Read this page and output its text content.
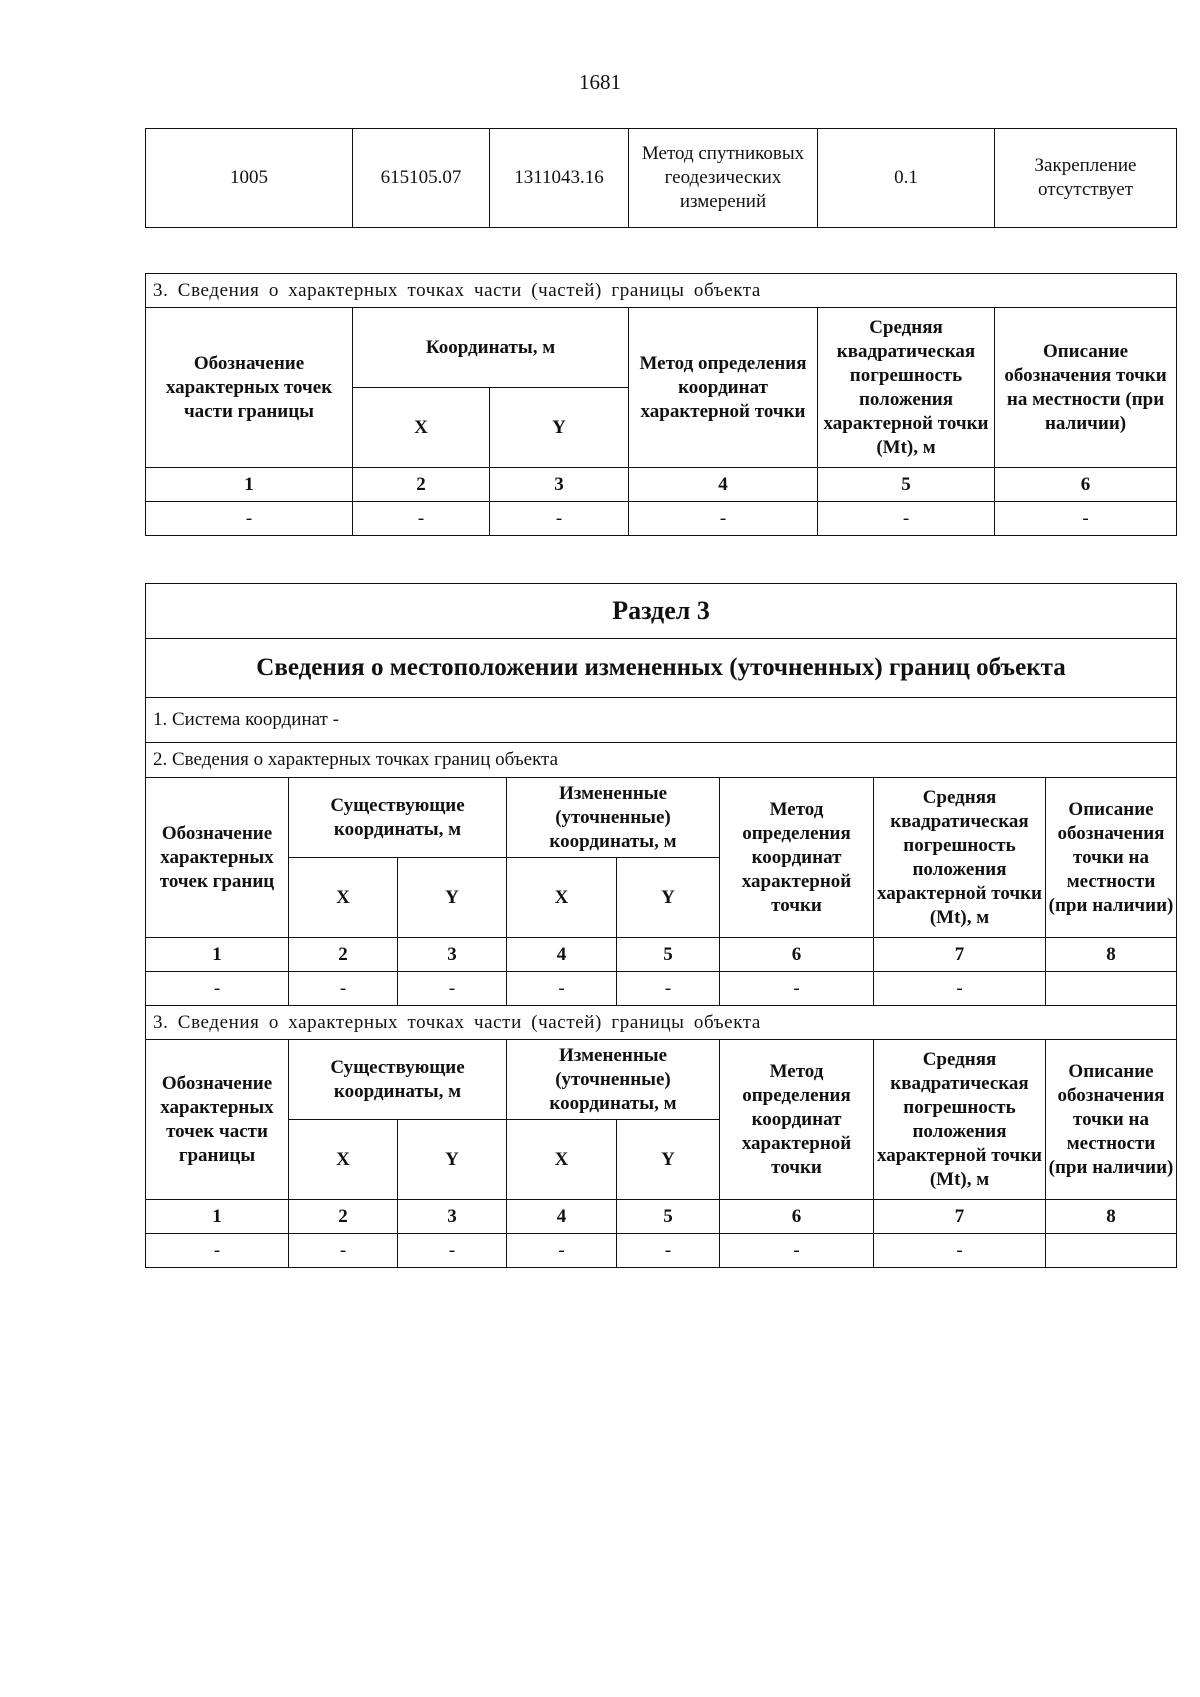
1681
1005	615105.07	1311043.16	Метод спутниковых геодезических измерений	0.1	Закрепление отсутствует
3. Сведения о характерных точках части (частей) границы объекта					
Обозначение характерных точек части границы	Координаты, м		Метод определения координат характерной точки	Средняя квадратическая погрешность положения характерной точки (Mt), м	Описание обозначения точки на местности (при наличии)
	X	Y			
1	2	3	4	5	6
-	-	-	-	-	-
Раздел 3							
Сведения о местоположении измененных (уточненных) границ объекта							
1. Система координат -							
2. Сведения о характерных точках границ объекта							
Обозначение характерных точек границ	Существующие координаты, м		Измененные (уточненные) координаты, м		Метод определения координат характерной точки	Средняя квадратическая погрешность положения характерной точки (Mt), м	Описание обозначения точки на местности (при наличии)
	X	Y	X	Y			
1	2	3	4	5	6	7	8
-	-	-	-	-	-	-	
3. Сведения о характерных точках части (частей) границы объекта							
Обозначение характерных точек части границы	Существующие координаты, м		Измененные (уточненные) координаты, м		Метод определения координат характерной точки	Средняя квадратическая погрешность положения характерной точки (Mt), м	Описание обозначения точки на местности (при наличии)
	X	Y	X	Y			
1	2	3	4	5	6	7	8
-	-	-	-	-	-	-	
